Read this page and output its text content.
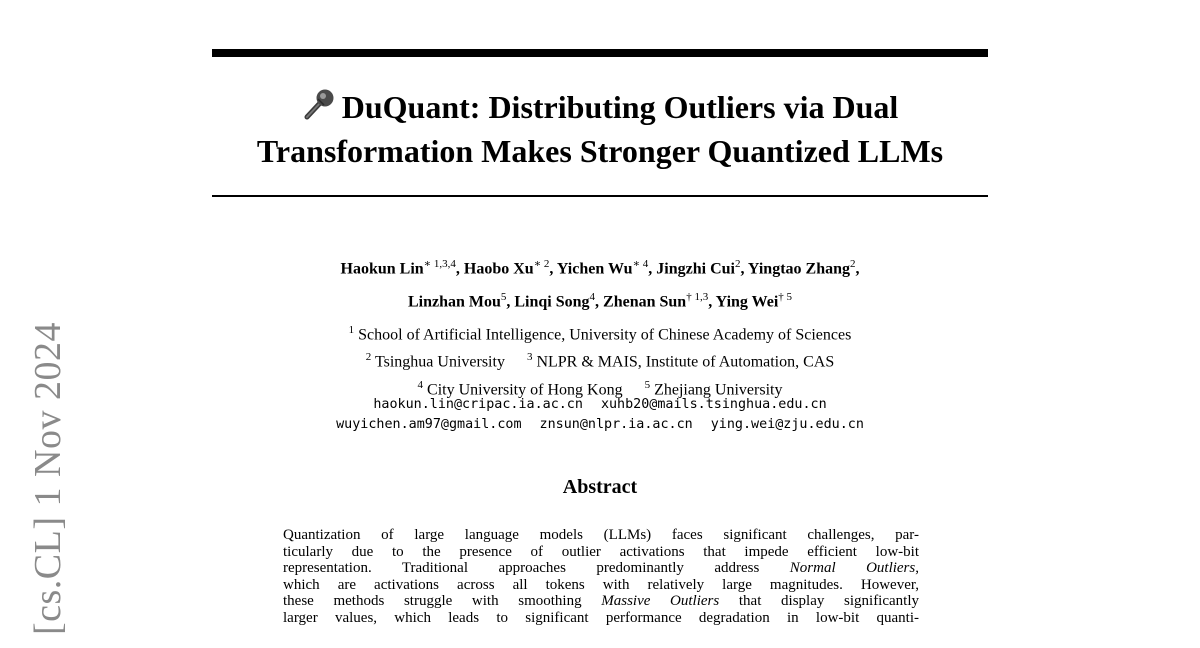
[cs.CL] 1 Nov 2024
DuQuant: Distributing Outliers via Dual
Transformation Makes Stronger Quantized LLMs
Haokun Lin$^{∗ 1,3,4}$, Haobo $Xu^{∗ 2}$, Yichen $Wu^{∗ 4}$, Jingzhi Cui$^2$, Yingtao Zhang$^2$,
Linzhan Mou$^5$, Linqi Song$^4$, Zhenan Sun$^{\dagger 1,3}$, Ying Wei$^{\dagger 5}$
$^1$ School of Artificial Intelligence, University of Chinese Academy of Sciences
$^2$ Tsinghua University $^3$ NLPR & MAIS, Institute of Automation, CAS
$^4$ City University of Hong Kong $^5$ Zhejiang University
haokun.lin@cripac.ia.ac.cn xuhb20@mails.tsinghua.edu.cn
wuyichen.am97@gmail.com znsun@nlpr.ia.ac.cn ying.wei@zju.edu.cn
Abstract
Quantization of large language models (LLMs) faces significant challenges, par-
ticularly due to the presence of outlier activations that impede efficient low-bit
representation. Traditional approaches predominantly address Normal Outliers,
which are activations across all tokens with relatively large magnitudes. However,
these methods struggle with smoothing Massive Outliers that display significantly
larger values, which leads to significant performance degradation in low-bit quanti-
